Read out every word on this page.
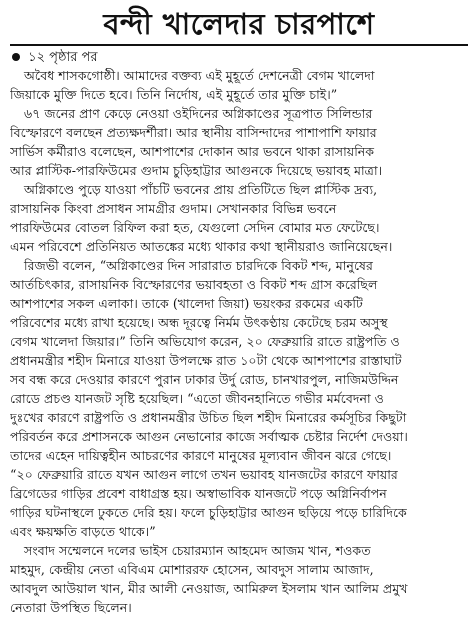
বন্দী খালেদার চারপাশে
১২ পৃষ্ঠার পর
অবৈধ শাসকগোষ্ঠী। আমাদের বক্তব্য এই মুহূর্তে দেশনেত্রী বেগম খালেদা
জিয়াকে মুক্তি দিতে হবে। তিনি নির্দোষ, এই মুহূর্তে তার মুক্তি চাই।”
৬৭ জনের প্রাণ কেড়ে নেওয়া ওইদিনের অগ্নিকাণ্ডের সূত্রপাত সিলিন্ডার
বিস্ফোরণে বলছেন প্রত্যক্ষদর্শীরা। আর স্থানীয় বাসিন্দাদের পাশাপাশি ফায়ার
সার্ভিস কর্মীরাও বলেছেন, আশপাশের দোকান আর ভবনে থাকা রাসায়নিক
আর প্লাস্টিক-পারফিউমের গুদাম চুড়িহাট্টার আগুনকে দিয়েছে ভয়াবহ মাত্রা।
অগ্নিকাণ্ডে পুড়ে যাওয়া পাঁচটি ভবনের প্রায় প্রতিটিতে ছিল প্লাস্টিক দ্রব্য,
রাসায়নিক কিংবা প্রসাধন সামগ্রীর গুদাম। সেখানকার বিভিন্ন ভবনে
পারফিউমের বোতল রিফিল করা হত, যেগুলো সেদিন বোমার মত ফেটেছে।
এমন পরিবেশে প্রতিনিয়ত আতঙ্কের মধ্যে থাকার কথা স্থানীয়রাও জানিয়েছেন।
রিজভী বলেন, “অগ্নিকাণ্ডের দিন সারারাত চারদিকে বিকট শব্দ, মানুষের
আর্তচিৎকার, রাসায়নিক বিস্ফোরণের ভয়াবহতা ও বিকট শব্দ গ্রাস করেছিল
আশপাশের সকল এলাকা। তাকে (খালেদা জিয়া) ভয়ংকর রকমের একটি
পরিবেশের মধ্যে রাখা হয়েছে। অন্ধ দূরত্বে নির্মম উৎকণ্ঠায় কেটেছে চরম অসুস্থ
বেগম খালেদা জিয়ার।” তিনি অভিযোগ করেন, ২০ ফেব্রুয়ারি রাতে রাষ্ট্রপতি ও
প্রধানমন্ত্রীর শহীদ মিনারে যাওয়া উপলক্ষে রাত ১০টা থেকে আশপাশের রাস্তাঘাট
সব বন্ধ করে দেওয়ার কারণে পুরান ঢাকার উর্দু রোড, চানখারপুল, নাজিমউদ্দিন
রোডে প্রচণ্ড যানজট সৃষ্টি হয়েছিল। “এতো জীবনহানিতে গভীর মর্মবেদনা ও
দুঃখের কারণে রাষ্ট্রপতি ও প্রধানমন্ত্রীর উচিত ছিল শহীদ মিনারের কর্মসূচির কিছুটা
পরিবর্তন করে প্রশাসনকে আগুন নেভানোর কাজে সর্বাত্মক চেষ্টার নির্দেশ দেওয়া।
তাদের এহেন দায়িত্বহীন আচরণের কারণে মানুষের মূল্যবান জীবন ঝরে গেছে।
“২০ ফেব্রুয়ারি রাতে যখন আগুন লাগে তখন ভয়াবহ যানজটের কারণে ফায়ার
ব্রিগেডের গাড়ির প্রবেশ বাধাগ্রস্ত হয়। অস্বাভাবিক যানজটে পড়ে অগ্নিনির্বাপন
গাড়ির ঘটনাস্থলে ঢুকতে দেরি হয়। ফলে চুড়িহাট্টার আগুন ছড়িয়ে পড়ে চারিদিকে
এবং ক্ষয়ক্ষতি বাড়তে থাকে।”
সংবাদ সম্মেলনে দলের ভাইস চেয়ারম্যান আহমেদ আজম খান, শওকত
মাহমুদ, কেন্দ্রীয় নেতা এবিএম মোশাররফ হোসেন, আবদুস সালাম আজাদ,
আবদুল আউয়াল খান, মীর আলী নেওয়াজ, আমিরুল ইসলাম খান আলিম প্রমুখ
নেতারা উপস্থিত ছিলেন।
